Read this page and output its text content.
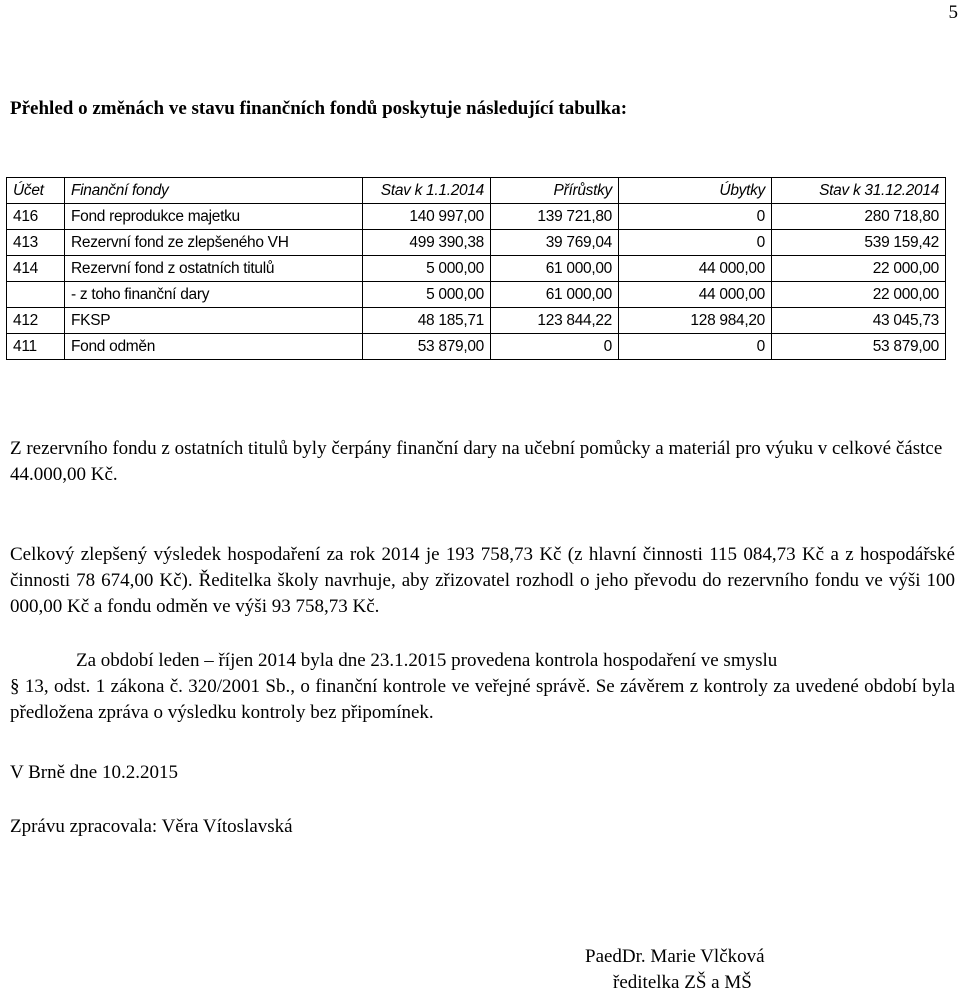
5
Přehled o změnách ve stavu finančních fondů poskytuje následující tabulka:
Účet	Finanční fondy	Stav k 1.1.2014	Přírůstky	Úbytky	Stav k 31.12.2014
416	Fond reprodukce majetku	140 997,00	139 721,80	0	280 718,80
413	Rezervní fond ze zlepšeného VH	499 390,38	39 769,04	0	539 159,42
414	Rezervní fond z ostatních titulů	5 000,00	61 000,00	44 000,00	22 000,00
	- z toho finanční dary	5 000,00	61 000,00	44 000,00	22 000,00
412	FKSP	48 185,71	123 844,22	128 984,20	43 045,73
411	Fond odměn	53 879,00	0	0	53 879,00
Z rezervního fondu z ostatních titulů byly čerpány finanční dary na učební pomůcky a materiál pro výuku v celkové částce 44.000,00 Kč.
Celkový zlepšený výsledek hospodaření za rok 2014 je 193 758,73 Kč (z hlavní činnosti 115 084,73 Kč a z hospodářské činnosti 78 674,00 Kč). Ředitelka školy navrhuje, aby zřizovatel rozhodl o jeho převodu do rezervního fondu ve výši 100 000,00 Kč a fondu odměn ve výši 93 758,73 Kč.
Za období leden – říjen 2014 byla dne 23.1.2015 provedena kontrola hospodaření ve smyslu
§ 13, odst. 1 zákona č. 320/2001 Sb., o finanční kontrole ve veřejné správě. Se závěrem z kontroly za uvedené období byla předložena zpráva o výsledku kontroly bez připomínek.
V Brně dne 10.2.2015
Zprávu zpracovala: Věra Vítoslavská
PaedDr. Marie Vlčková
ředitelka ZŠ a MŠ
